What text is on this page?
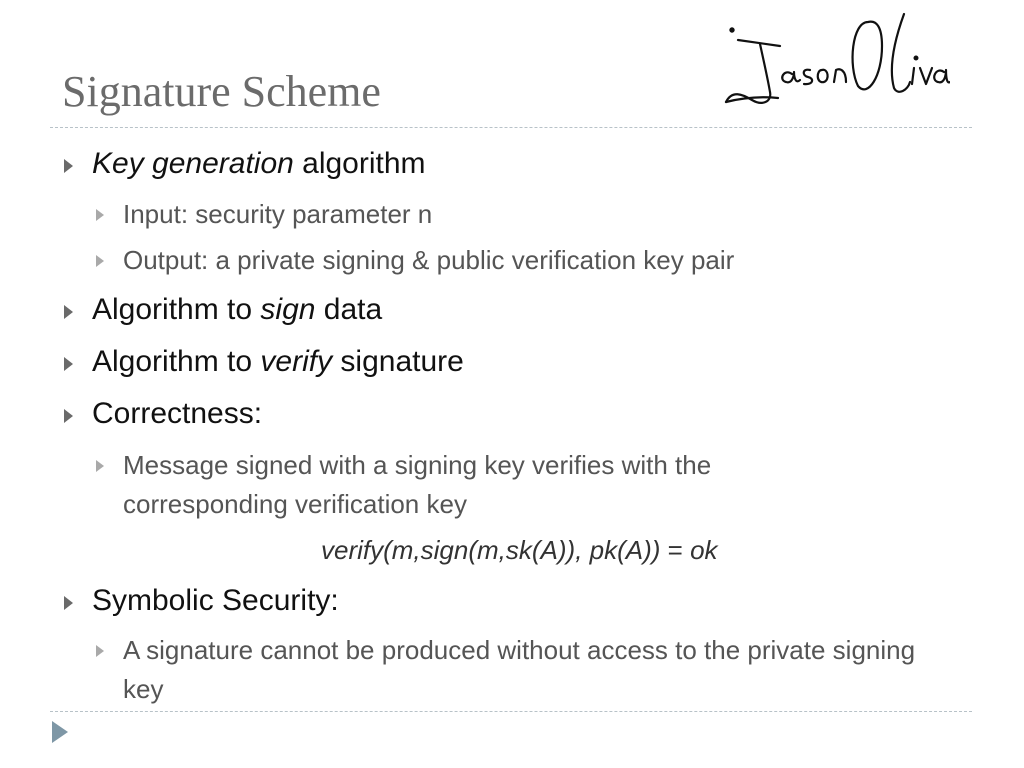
Signature Scheme
Key generation algorithm
Input: security parameter n
Output: a private signing & public verification key pair
Algorithm to sign data
Algorithm to verify signature
Correctness:
Message signed with a signing key verifies with the corresponding verification key
verify(m,sign(m,sk(A)), pk(A)) = ok
Symbolic Security:
A signature cannot be produced without access to the private signing key
